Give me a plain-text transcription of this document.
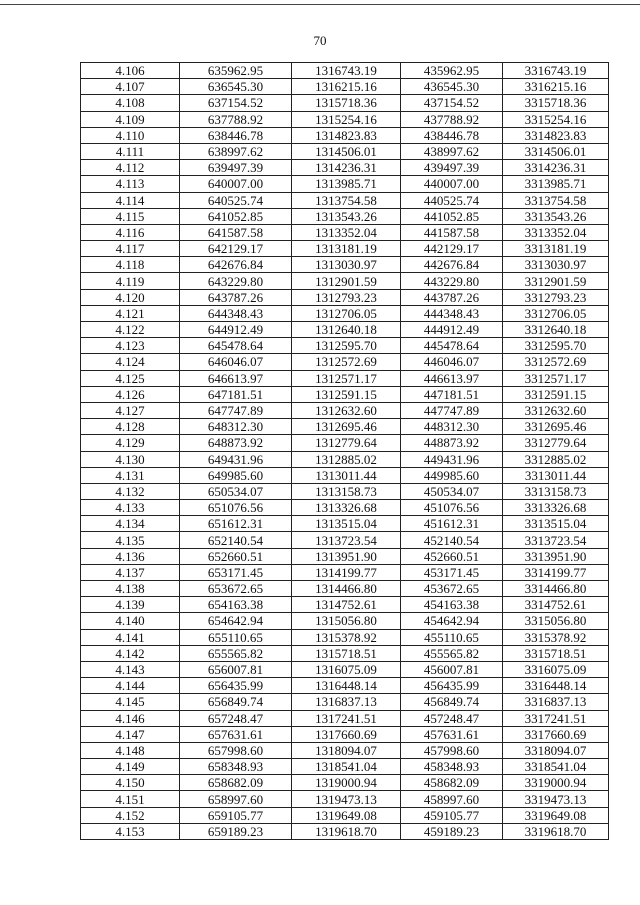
70
4.106	635962.95	1316743.19	435962.95	3316743.19
4.107	636545.30	1316215.16	436545.30	3316215.16
4.108	637154.52	1315718.36	437154.52	3315718.36
4.109	637788.92	1315254.16	437788.92	3315254.16
4.110	638446.78	1314823.83	438446.78	3314823.83
4.111	638997.62	1314506.01	438997.62	3314506.01
4.112	639497.39	1314236.31	439497.39	3314236.31
4.113	640007.00	1313985.71	440007.00	3313985.71
4.114	640525.74	1313754.58	440525.74	3313754.58
4.115	641052.85	1313543.26	441052.85	3313543.26
4.116	641587.58	1313352.04	441587.58	3313352.04
4.117	642129.17	1313181.19	442129.17	3313181.19
4.118	642676.84	1313030.97	442676.84	3313030.97
4.119	643229.80	1312901.59	443229.80	3312901.59
4.120	643787.26	1312793.23	443787.26	3312793.23
4.121	644348.43	1312706.05	444348.43	3312706.05
4.122	644912.49	1312640.18	444912.49	3312640.18
4.123	645478.64	1312595.70	445478.64	3312595.70
4.124	646046.07	1312572.69	446046.07	3312572.69
4.125	646613.97	1312571.17	446613.97	3312571.17
4.126	647181.51	1312591.15	447181.51	3312591.15
4.127	647747.89	1312632.60	447747.89	3312632.60
4.128	648312.30	1312695.46	448312.30	3312695.46
4.129	648873.92	1312779.64	448873.92	3312779.64
4.130	649431.96	1312885.02	449431.96	3312885.02
4.131	649985.60	1313011.44	449985.60	3313011.44
4.132	650534.07	1313158.73	450534.07	3313158.73
4.133	651076.56	1313326.68	451076.56	3313326.68
4.134	651612.31	1313515.04	451612.31	3313515.04
4.135	652140.54	1313723.54	452140.54	3313723.54
4.136	652660.51	1313951.90	452660.51	3313951.90
4.137	653171.45	1314199.77	453171.45	3314199.77
4.138	653672.65	1314466.80	453672.65	3314466.80
4.139	654163.38	1314752.61	454163.38	3314752.61
4.140	654642.94	1315056.80	454642.94	3315056.80
4.141	655110.65	1315378.92	455110.65	3315378.92
4.142	655565.82	1315718.51	455565.82	3315718.51
4.143	656007.81	1316075.09	456007.81	3316075.09
4.144	656435.99	1316448.14	456435.99	3316448.14
4.145	656849.74	1316837.13	456849.74	3316837.13
4.146	657248.47	1317241.51	457248.47	3317241.51
4.147	657631.61	1317660.69	457631.61	3317660.69
4.148	657998.60	1318094.07	457998.60	3318094.07
4.149	658348.93	1318541.04	458348.93	3318541.04
4.150	658682.09	1319000.94	458682.09	3319000.94
4.151	658997.60	1319473.13	458997.60	3319473.13
4.152	659105.77	1319649.08	459105.77	3319649.08
4.153	659189.23	1319618.70	459189.23	3319618.70
